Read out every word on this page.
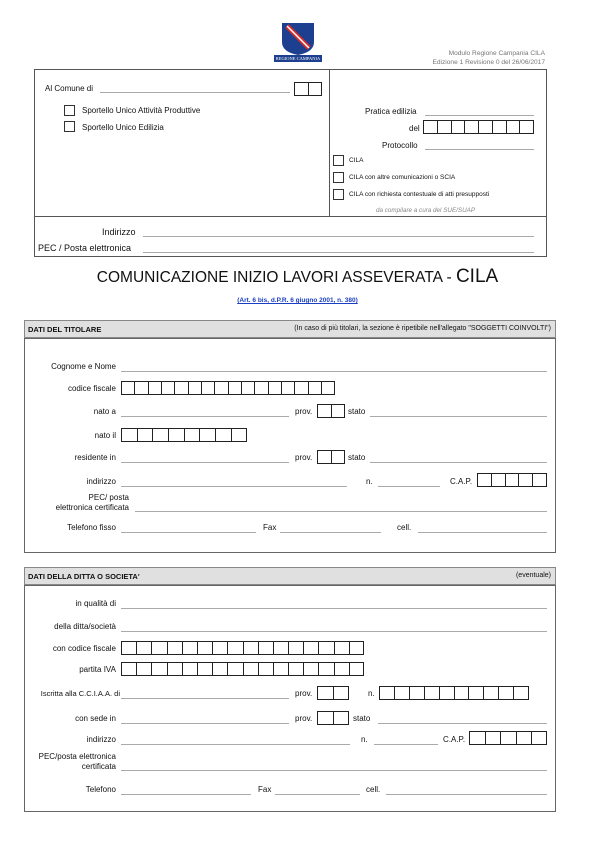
REGIONE CAMPANIA
Modulo Regione Campania CILA
Edizione 1 Revisione 0 del 26/06/2017
Al Comune di
Sportello Unico Attività Produttive
Sportello Unico Edilizia
Pratica edilizia
del
Protocollo
CILA
CILA con altre comunicazioni o SCIA
CILA con richiesta contestuale di atti presupposti
da compilare a cura del SUE/SUAP
Indirizzo
PEC / Posta elettronica
COMUNICAZIONE INIZIO LAVORI ASSEVERATA - CILA
(Art. 6 bis, d.P.R. 6 giugno 2001, n. 380)
DATI DEL TITOLARE	(In caso di più titolari, la sezione è ripetibile nell'allegato "SOGGETTI COINVOLTI")
Cognome e Nome
codice fiscale
nato a	prov.	stato
nato il
residente in	prov.	stato
indirizzo	n.	C.A.P.
PEC/ posta
elettronica certificata
Telefono fisso	Fax	cell.
DATI DELLA DITTA O SOCIETA'	(eventuale)
in qualità di
della ditta/società
con codice fiscale
partita IVA
Iscritta alla C.C.I.A.A. di	prov.	n.
con sede in	prov.	stato
indirizzo	n.	C.A.P.
PEC/posta elettronica
certificata
Telefono	Fax	cell.
